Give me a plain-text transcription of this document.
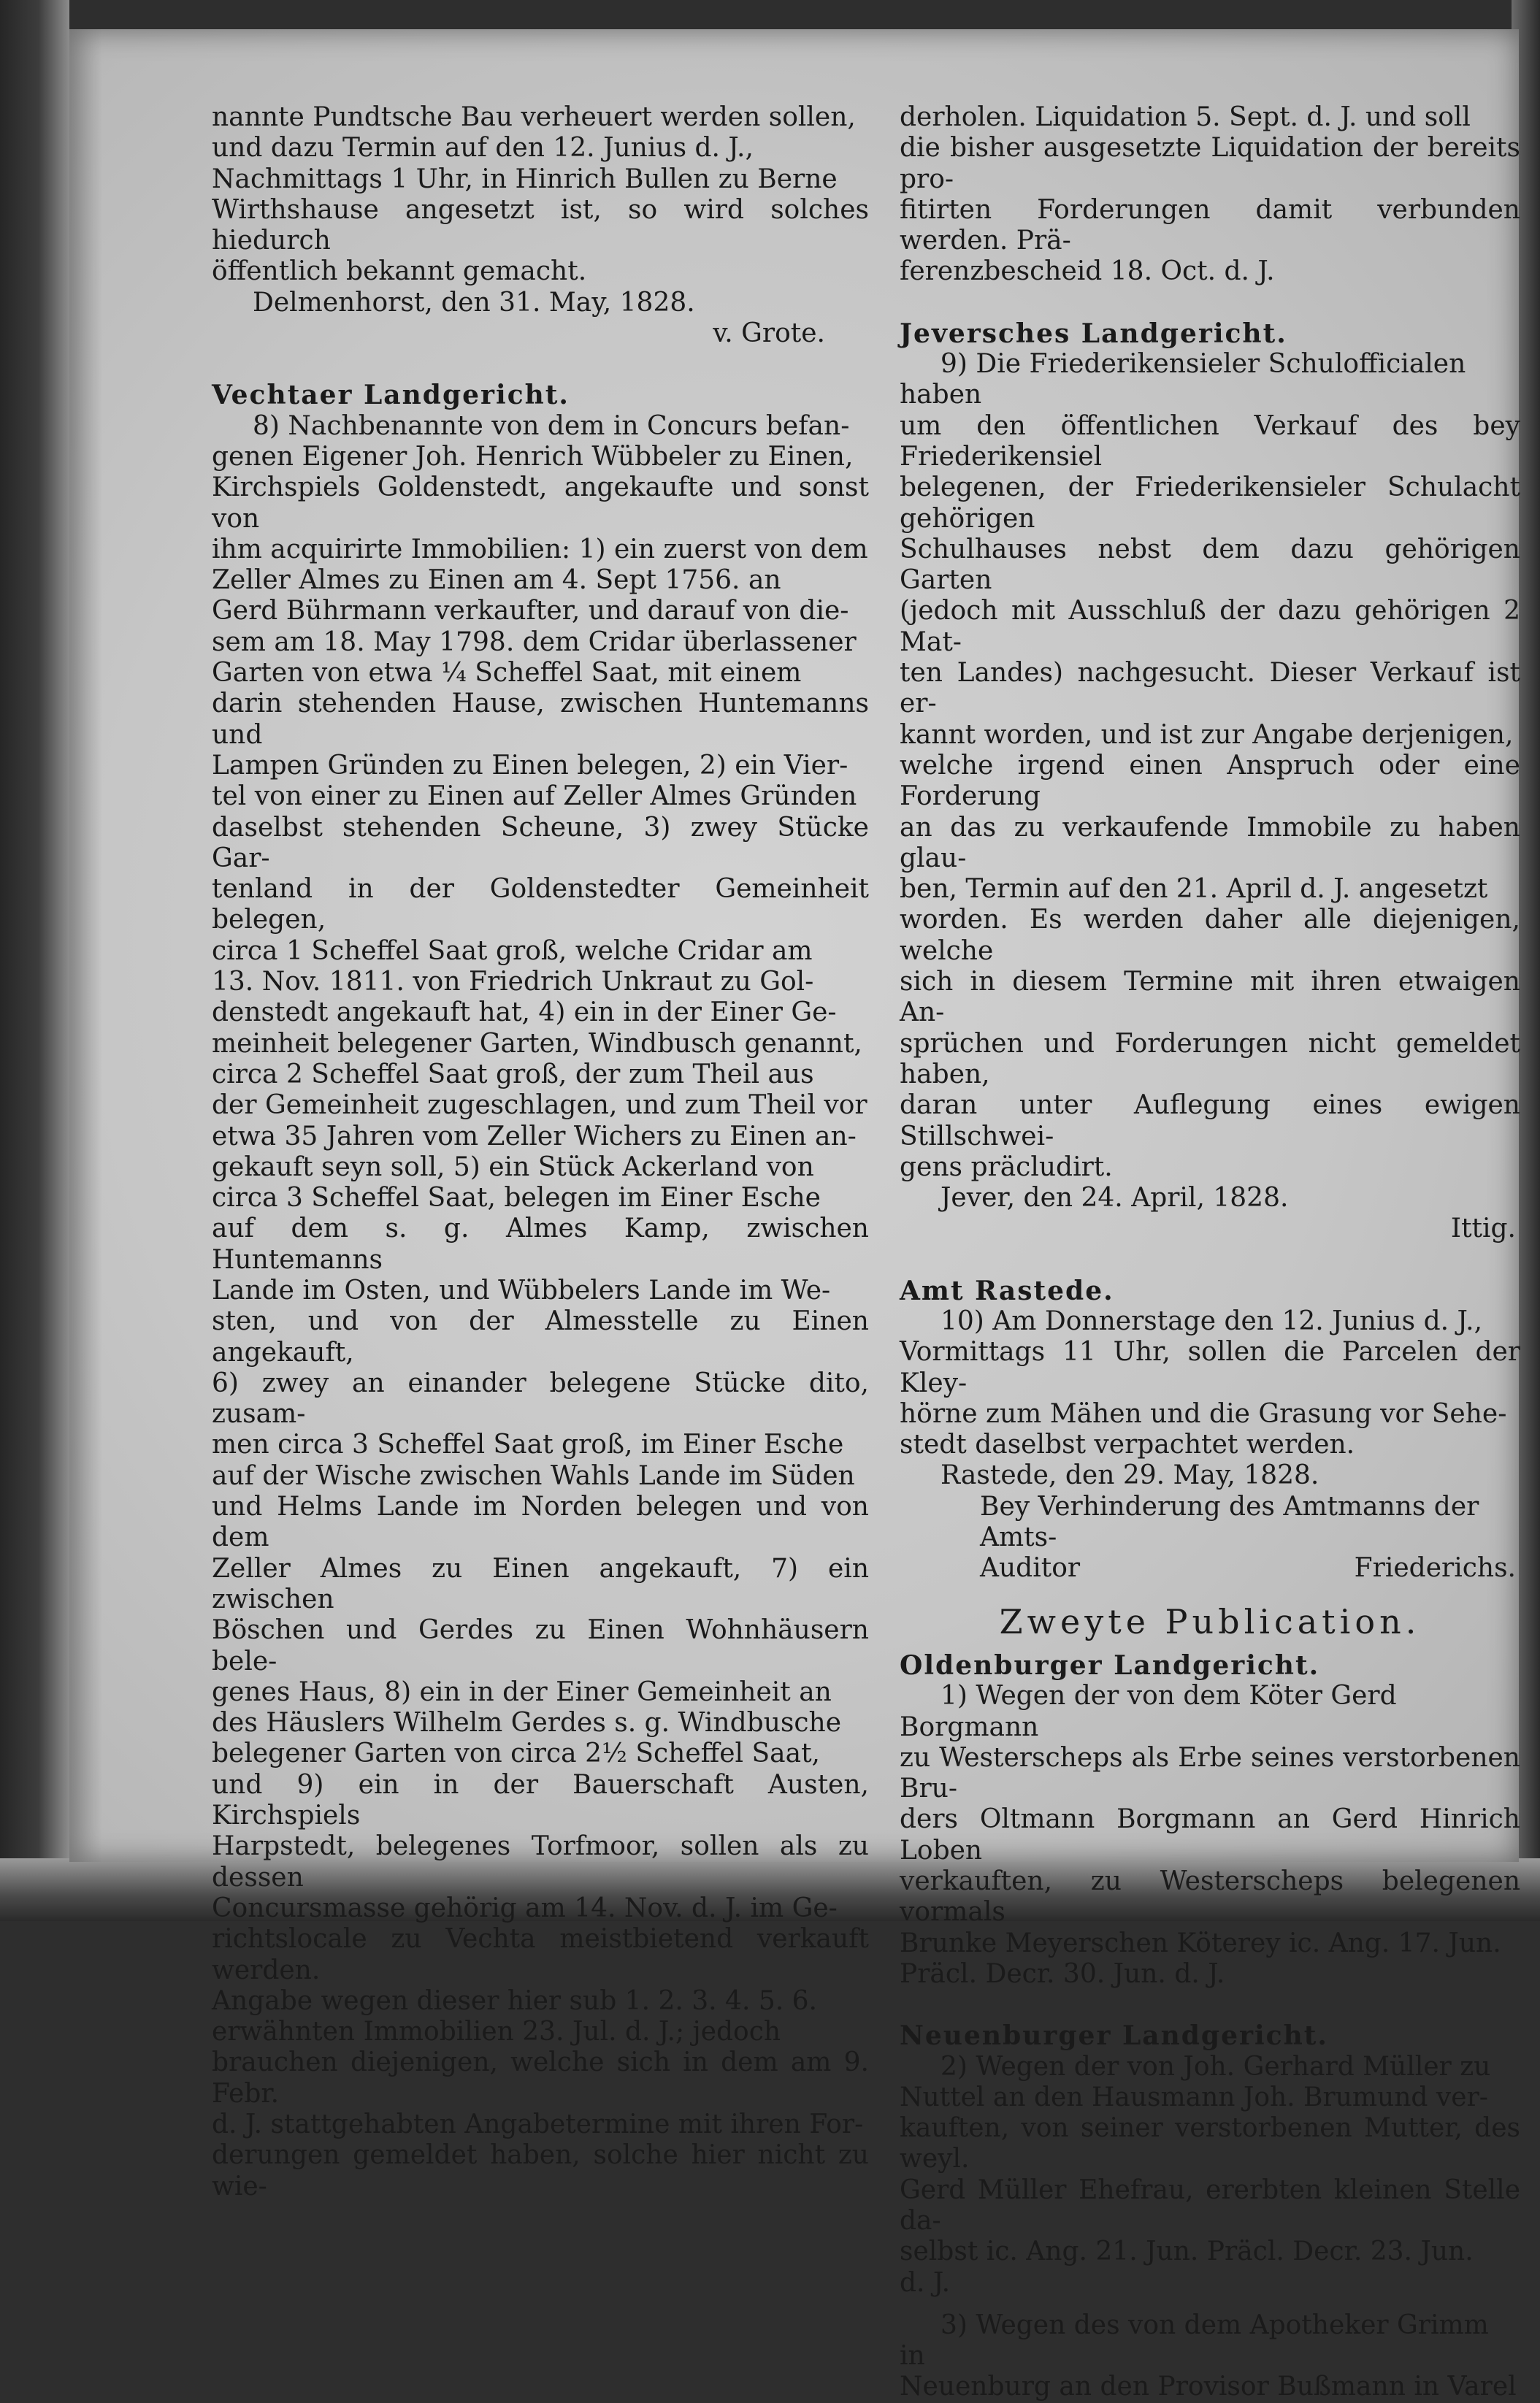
nannte Pundtsche Bau verheuert werden sollen,

und dazu Termin auf den 12. Junius d. J.,

Nachmittags 1 Uhr, in Hinrich Bullen zu Berne

Wirthshause angesetzt ist, so wird solches hiedurch

öffentlich bekannt gemacht.

Delmenhorst, den 31. May, 1828.

v. Grote.

Vechtaer Landgericht.

8) Nachbenannte von dem in Concurs befan-

genen Eigener Joh. Henrich Wübbeler zu Einen,

Kirchspiels Goldenstedt, angekaufte und sonst von

ihm acquirirte Immobilien: 1) ein zuerst von dem

Zeller Almes zu Einen am 4. Sept 1756. an

Gerd Bührmann verkaufter, und darauf von die-

sem am 18. May 1798. dem Cridar überlassener

Garten von etwa ¼ Scheffel Saat, mit einem

darin stehenden Hause, zwischen Huntemanns und

Lampen Gründen zu Einen belegen, 2) ein Vier-

tel von einer zu Einen auf Zeller Almes Gründen

daselbst stehenden Scheune, 3) zwey Stücke Gar-

tenland in der Goldenstedter Gemeinheit belegen,

circa 1 Scheffel Saat groß, welche Cridar am

13. Nov. 1811. von Friedrich Unkraut zu Gol-

denstedt angekauft hat, 4) ein in der Einer Ge-

meinheit belegener Garten, Windbusch genannt,

circa 2 Scheffel Saat groß, der zum Theil aus

der Gemeinheit zugeschlagen, und zum Theil vor

etwa 35 Jahren vom Zeller Wichers zu Einen an-

gekauft seyn soll, 5) ein Stück Ackerland von

circa 3 Scheffel Saat, belegen im Einer Esche

auf dem s. g. Almes Kamp, zwischen Huntemanns

Lande im Osten, und Wübbelers Lande im We-

sten, und von der Almesstelle zu Einen angekauft,

6) zwey an einander belegene Stücke dito, zusam-

men circa 3 Scheffel Saat groß, im Einer Esche

auf der Wische zwischen Wahls Lande im Süden

und Helms Lande im Norden belegen und von dem

Zeller Almes zu Einen angekauft, 7) ein zwischen

Böschen und Gerdes zu Einen Wohnhäusern bele-

genes Haus, 8) ein in der Einer Gemeinheit an

des Häuslers Wilhelm Gerdes s. g. Windbusche

belegener Garten von circa 2½ Scheffel Saat,

und 9) ein in der Bauerschaft Austen, Kirchspiels

Harpstedt, belegenes Torfmoor, sollen als zu dessen

Concursmasse gehörig am 14. Nov. d. J. im Ge-

richtslocale zu Vechta meistbietend verkauft werden.

Angabe wegen dieser hier sub 1. 2. 3. 4. 5. 6.

erwähnten Immobilien 23. Jul. d. J.; jedoch

brauchen diejenigen, welche sich in dem am 9. Febr.

d. J. stattgehabten Angabetermine mit ihren For-

derungen gemeldet haben, solche hier nicht zu wie-

derholen. Liquidation 5. Sept. d. J. und soll

die bisher ausgesetzte Liquidation der bereits pro-

fitirten Forderungen damit verbunden werden. Prä-

ferenzbescheid 18. Oct. d. J.

Jeversches Landgericht.

9) Die Friederikensieler Schulofficialen haben

um den öffentlichen Verkauf des bey Friederikensiel

belegenen, der Friederikensieler Schulacht gehörigen

Schulhauses nebst dem dazu gehörigen Garten

(jedoch mit Ausschluß der dazu gehörigen 2 Mat-

ten Landes) nachgesucht. Dieser Verkauf ist er-

kannt worden, und ist zur Angabe derjenigen,

welche irgend einen Anspruch oder eine Forderung

an das zu verkaufende Immobile zu haben glau-

ben, Termin auf den 21. April d. J. angesetzt

worden. Es werden daher alle diejenigen, welche

sich in diesem Termine mit ihren etwaigen An-

sprüchen und Forderungen nicht gemeldet haben,

daran unter Auflegung eines ewigen Stillschwei-

gens präcludirt.

Jever, den 24. April, 1828.

Ittig.

Amt Rastede.

10) Am Donnerstage den 12. Junius d. J.,

Vormittags 11 Uhr, sollen die Parcelen der Kley-

hörne zum Mähen und die Grasung vor Sehe-

stedt daselbst verpachtet werden.

Rastede, den 29. May, 1828.

Bey Verhinderung des Amtmanns der Amts-

Auditor	Friederichs.

Zweyte Publication.

Oldenburger Landgericht.

1) Wegen der von dem Köter Gerd Borgmann

zu Westerscheps als Erbe seines verstorbenen Bru-

ders Oltmann Borgmann an Gerd Hinrich Loben

verkauften, zu Westerscheps belegenen vormals

Brunke Meyerschen Köterey ic. Ang. 17. Jun.

Präcl. Decr. 30. Jun. d. J.

Neuenburger Landgericht.

2) Wegen der von Joh. Gerhard Müller zu

Nuttel an den Hausmann Joh. Brumund ver-

kauften, von seiner verstorbenen Mutter, des weyl.

Gerd Müller Ehefrau, ererbten kleinen Stelle da-

selbst ic. Ang. 21. Jun. Präcl. Decr. 23. Jun.

d. J.

3) Wegen des von dem Apotheker Grimm in

Neuenburg an den Provisor Bußmann in Varel
